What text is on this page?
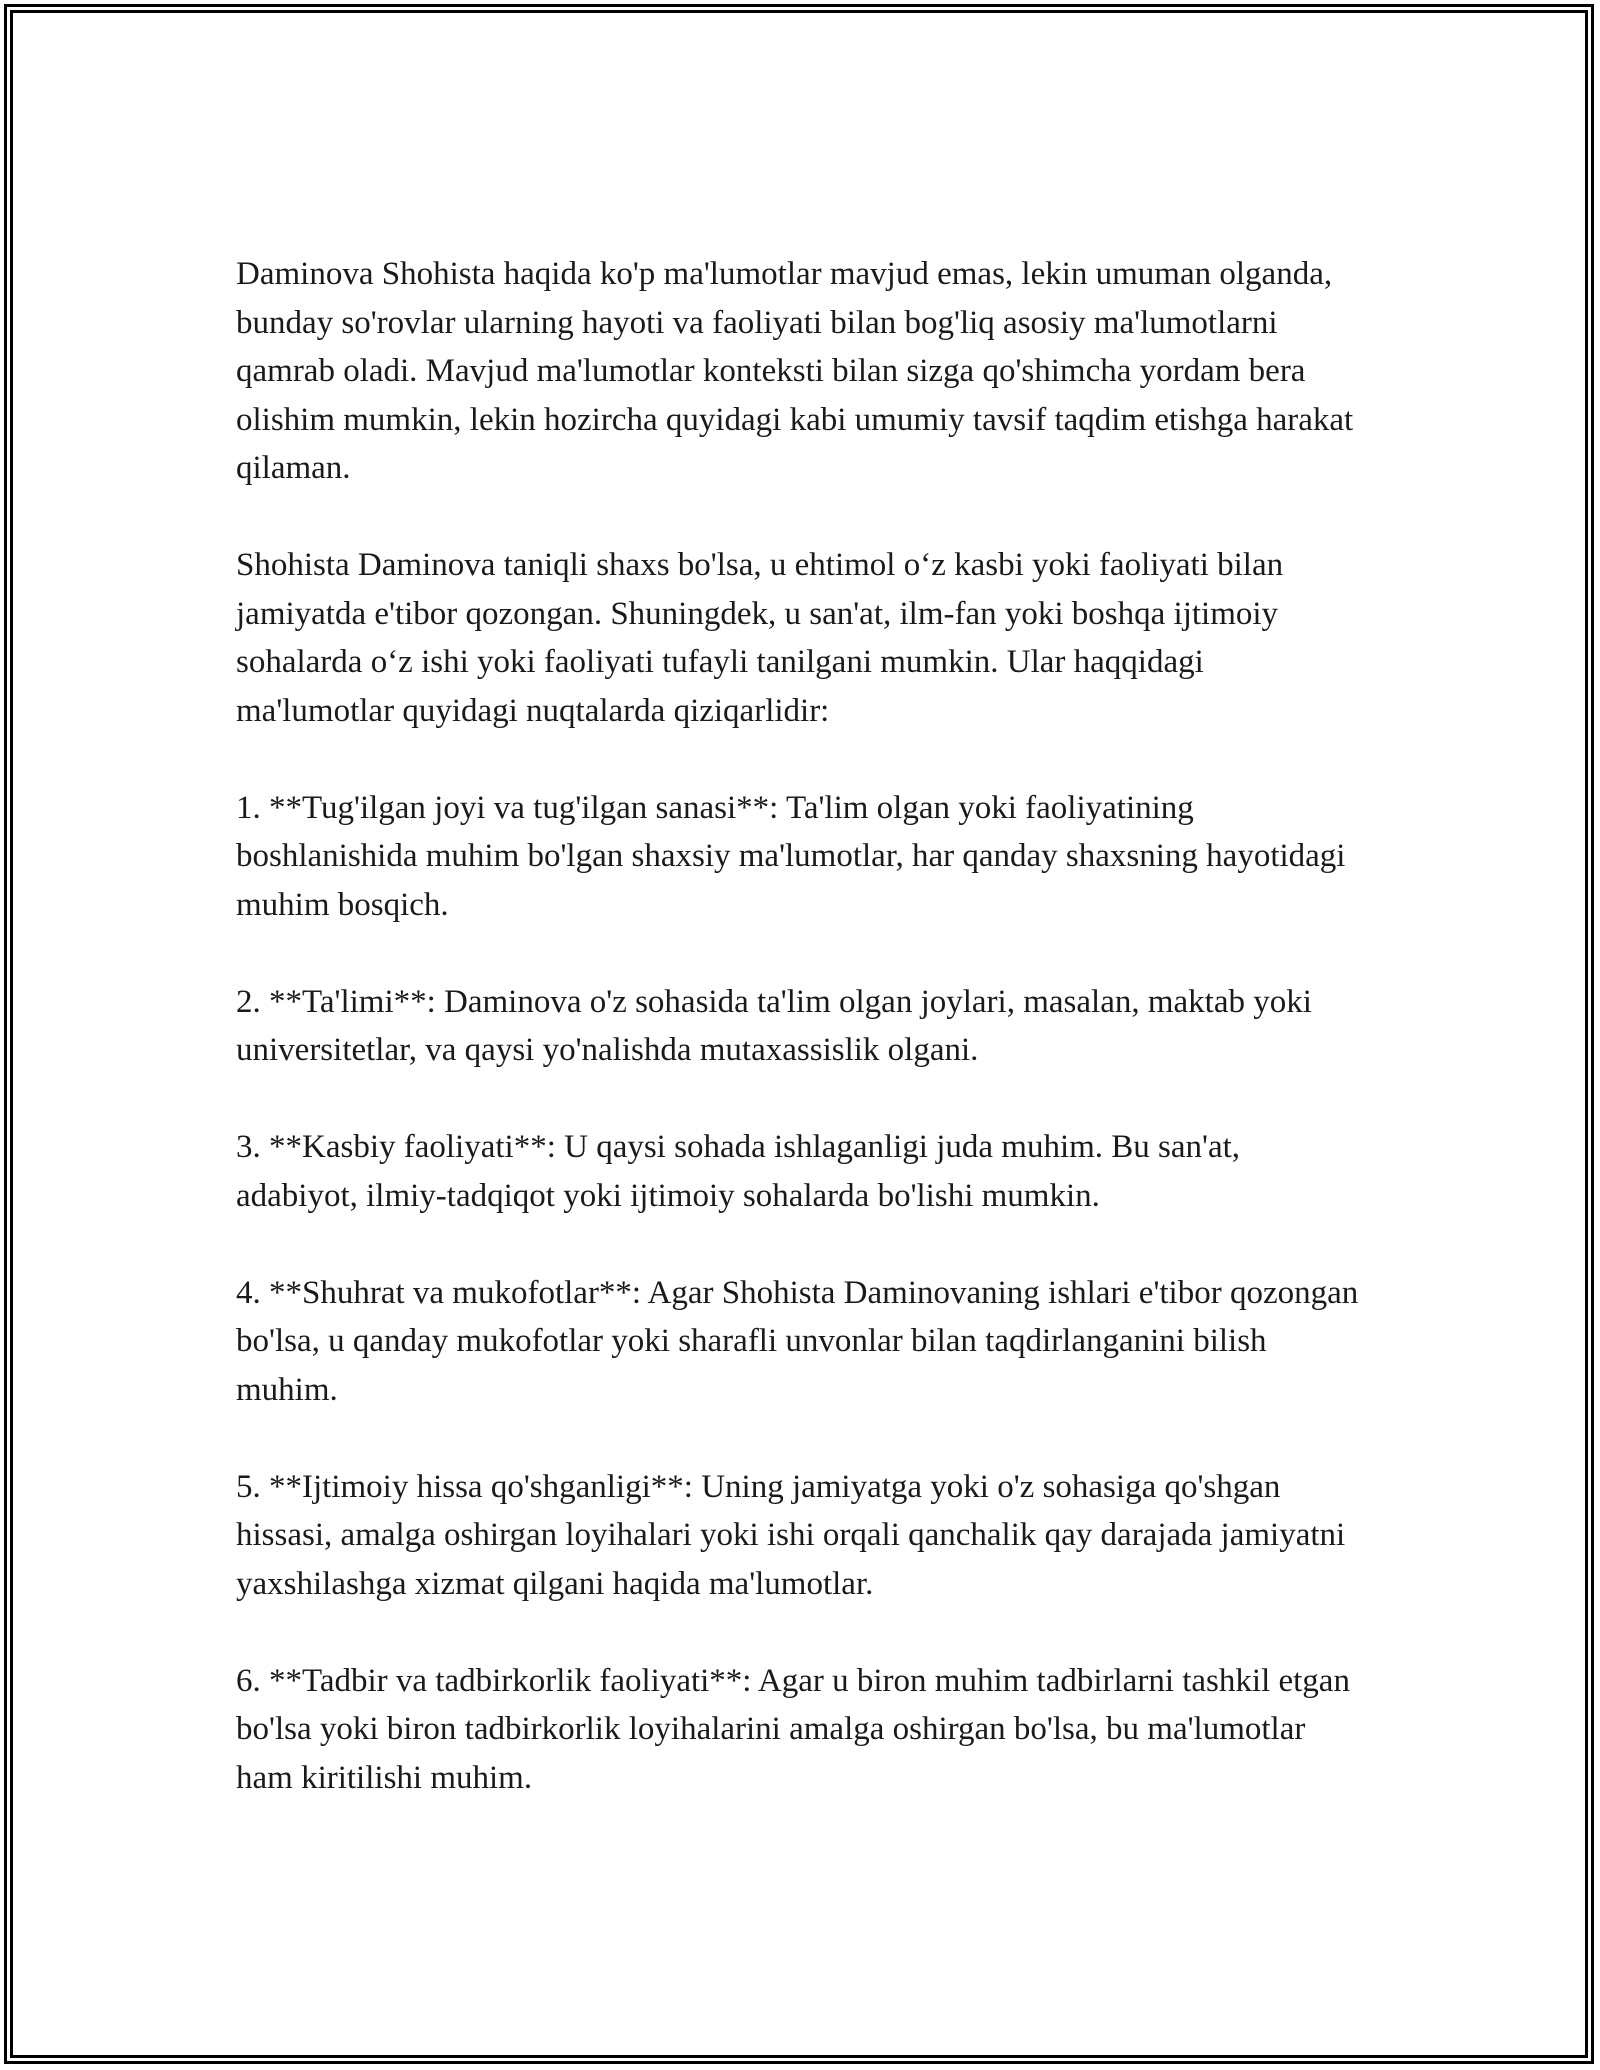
Daminova Shohista haqida ko'p ma'lumotlar mavjud emas, lekin umuman olganda, bunday so'rovlar ularning hayoti va faoliyati bilan bog'liq asosiy ma'lumotlarni qamrab oladi. Mavjud ma'lumotlar konteksti bilan sizga qo'shimcha yordam bera olishim mumkin, lekin hozircha quyidagi kabi umumiy tavsif taqdim etishga harakat qilaman.

Shohista Daminova taniqli shaxs bo'lsa, u ehtimol o‘z kasbi yoki faoliyati bilan jamiyatda e'tibor qozongan. Shuningdek, u san'at, ilm-fan yoki boshqa ijtimoiy sohalarda o‘z ishi yoki faoliyati tufayli tanilgani mumkin. Ular haqqidagi ma'lumotlar quyidagi nuqtalarda qiziqarlidir:

1. **Tug'ilgan joyi va tug'ilgan sanasi**: Ta'lim olgan yoki faoliyatining boshlanishida muhim bo'lgan shaxsiy ma'lumotlar, har qanday shaxsning hayotidagi muhim bosqich.

2. **Ta'limi**: Daminova o'z sohasida ta'lim olgan joylari, masalan, maktab yoki universitetlar, va qaysi yo'nalishda mutaxassislik olgani.

3. **Kasbiy faoliyati**: U qaysi sohada ishlaganligi juda muhim. Bu san'at, adabiyot, ilmiy-tadqiqot yoki ijtimoiy sohalarda bo'lishi mumkin.

4. **Shuhrat va mukofotlar**: Agar Shohista Daminovaning ishlari e'tibor qozongan bo'lsa, u qanday mukofotlar yoki sharafli unvonlar bilan taqdirlanganini bilish muhim.

5. **Ijtimoiy hissa qo'shganligi**: Uning jamiyatga yoki o'z sohasiga qo'shgan hissasi, amalga oshirgan loyihalari yoki ishi orqali qanchalik qay darajada jamiyatni yaxshilashga xizmat qilgani haqida ma'lumotlar.

6. **Tadbir va tadbirkorlik faoliyati**: Agar u biron muhim tadbirlarni tashkil etgan bo'lsa yoki biron tadbirkorlik loyihalarini amalga oshirgan bo'lsa, bu ma'lumotlar ham kiritilishi muhim.
